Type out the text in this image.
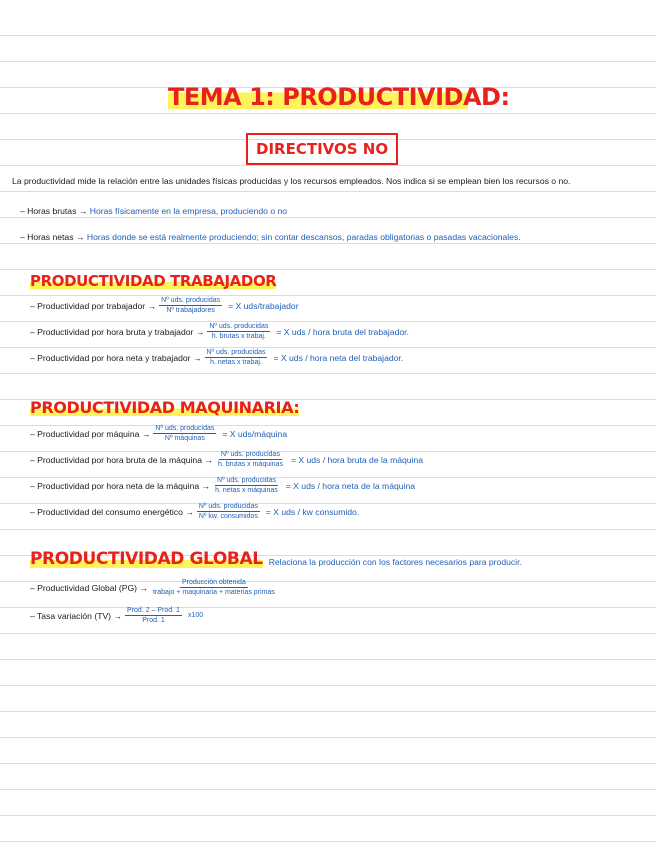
TEMA 1: PRODUCTIVIDAD:
DIRECTIVOS NO
La productividad mide la relación entre las unidades físicas producidas y los recursos empleados. Nos indica si se emplean bien los recursos o no.
– Horas brutas → Horas físicamente en la empresa, produciendo o no
– Horas netas → Horas donde se está realmente produciendo; sin contar descansos, paradas obligatorias o pasadas vacacionales.
PRODUCTIVIDAD TRABAJADOR
– Productividad por trabajador → $\frac{\text{Nº uds. producidas}}{\text{Nº trabajadores}} = X$ uds/trabajador
– Productividad por hora bruta y trabajador → $\frac{\text{Nº uds. producidas}}{\text{h. brutas x trabaj.}} = X$ uds / hora bruta del trabajador.
– Productividad por hora neta y trabajador → $\frac{\text{Nº uds. producidas}}{\text{h. netas x trabaj.}} = X$ uds / hora neta del trabajador.
PRODUCTIVIDAD MAQUINARIA:
– Productividad por máquina → $\frac{\text{Nº uds. producidas}}{\text{Nº máquinas}} = X$ uds/máquina
– Productividad por hora bruta de la máquina → $\frac{\text{Nº uds. producidas}}{\text{h. brutas x máquinas}} = X$ uds / hora bruta de la máquina
– Productividad por hora neta de la máquina → $\frac{\text{Nº uds. producidas}}{\text{h. netas x máquinas}} = X$ uds / hora neta de la máquina
– Productividad del consumo energético → $\frac{\text{Nº uds. producidas}}{\text{Nº kw. consumidos}} = X$ uds / kw consumido.
PRODUCTIVIDAD GLOBAL Relaciona la producción con los factores necesarios para producir.
– Productividad Global $(PG) \to \frac{\text{Producción obtenida}}{\text{trabajo + maquinaria + materias primas}}$
– Tasa variación $(TV) \to \frac{\text{Prod. 2 – Prod. 1}}{\text{Prod. 1}} x100$
